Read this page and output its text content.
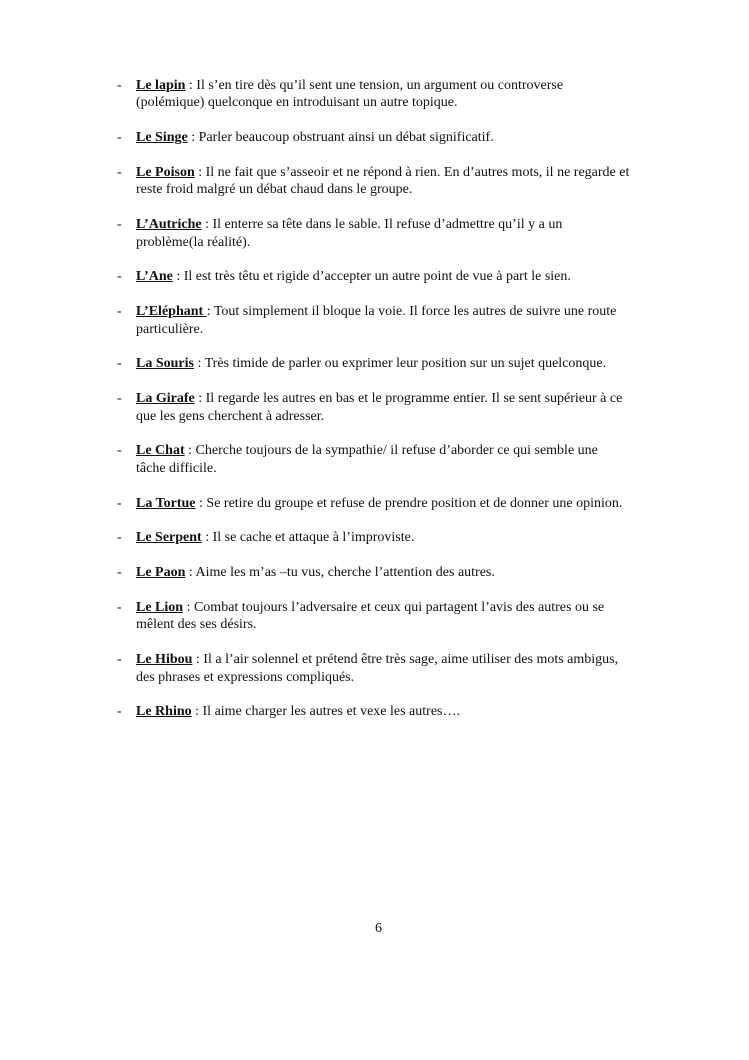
- Le lapin : Il s’en tire dès qu’il sent une tension, un argument ou controverse
(polémique) quelconque en introduisant un autre topique.
- Le Singe : Parler beaucoup obstruant ainsi un débat significatif.
- Le Poison : Il ne fait que s’asseoir et ne répond à rien. En d’autres mots, il ne regarde et
reste froid malgré un débat chaud dans le groupe.
- L’Autriche : Il enterre sa tête dans le sable. Il refuse d’admettre qu’il y a un
problème(la réalité).
- L’Ane : Il est très têtu et rigide d’accepter un autre point de vue à part le sien.
- L’Eléphant : Tout simplement il bloque la voie. Il force les autres de suivre une route
particulière.
- La Souris : Très timide de parler ou exprimer leur position sur un sujet quelconque.
- La Girafe : Il regarde les autres en bas et le programme entier. Il se sent supérieur à ce
que les gens cherchent à adresser.
- Le Chat : Cherche toujours de la sympathie/ il refuse d’aborder ce qui semble une
tâche difficile.
- La Tortue : Se retire du groupe et refuse de prendre position et de donner une opinion.
- Le Serpent : Il se cache et attaque à l’improviste.
- Le Paon : Aime les m’as –tu vus, cherche l’attention des autres.
- Le Lion : Combat toujours l’adversaire et ceux qui partagent l’avis des autres ou se
mêlent des ses désirs.
- Le Hibou : Il a l’air solennel et prétend être très sage, aime utiliser des mots ambigus,
des phrases et expressions compliqués.
- Le Rhino : Il aime charger les autres et vexe les autres….
6
